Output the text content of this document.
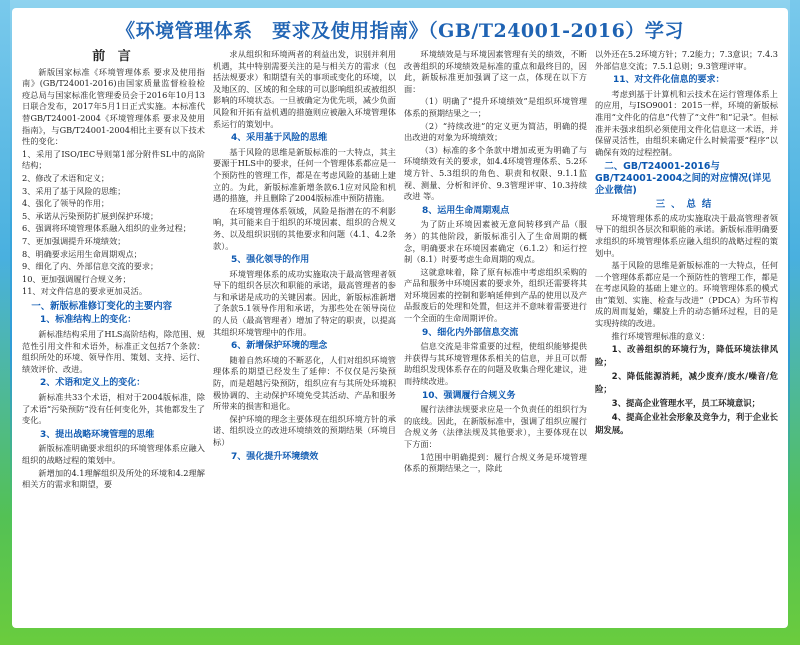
《环境管理体系　要求及使用指南》（GB/T24001-2016）学习
前 言

新版国家标准《环境管理体系 要求及使用指南》(GB/T24001-2016)由国家质量监督检验检疫总局与国家标准化管理委员会于2016年10月13日联合发布，2017年5月1日正式实施。本标准代替GB/T24001-2004《环境管理体系 要求及使用指南》，与GB/T24001-2004相比主要有以下技术性的变化：

1、采用了ISO/IEC导则第1部分附件SL中的高阶结构；

2、修改了术语和定义；

3、采用了基于风险的思维；

4、强化了领导的作用；

5、承诺从污染预防扩展到保护环境；

6、强调将环境管理体系融入组织的业务过程；

7、更加强调提升环境绩效；

8、明确要求运用生命周期观点；

9、细化了内、外部信息交流的要求；

10、更加强调履行合规义务；

11、对文件信息的要求更加灵活。

一、新版标准修订变化的主要内容
1、标准结构上的变化：

新标准结构采用了HLS高阶结构，除范围、规范性引用文件和术语外，标准正文包括7个条款：组织所处的环境、领导作用、策划、支持、运行、绩效评价、改进。

2、术语和定义上的变化：

新标准共33个术语，相对于2004版标准，除了术语“污染预防”没有任何变化外，其他都发生了变化。

3、提出战略环境管理的思维

新版标准明确要求组织的环境管理体系应融入组织的战略过程的策划中。

新增加的4.1理解组织及所处的环境和4.2理解相关方的需求和期望，要

求从组织和环境两者的利益出发，识别并利用机遇，其中特别需要关注的是与相关方的需求（包括法规要求）和期望有关的事项或变化的环境，以及地区的、区域的和全球的可以影响组织或被组织影响的环境状态。一旦被确定为优先项，减少负面风险和开拓有益机遇的措施则应被融入环境管理体系运行的策划中。

4、采用基于风险的思维

基于风险的思维是新版标准的一大特点，其主要源于HLS中的要求，任何一个管理体系都应是一个预防性的管理工作，都是在考虑风险的基础上建立的。为此，新版标准新增条款6.1应对风险和机遇的措施，并且删除了2004版标准中预防措施。

在环境管理体系领域，风险是指潜在的不利影响，其可能来自于组织的环境因素、组织的合规义务、以及组织识别的其他要求和问题（4.1、4.2条款）。

5、强化领导的作用

环境管理体系的成功实施取决于最高管理者领导下的组织各层次和职能的承诺，最高管理者的参与和承诺是成功的关键因素。因此，新版标准新增了条款5.1领导作用和承诺，为那些处在领导岗位的人员（最高管理者）增加了特定的职责，以提高其组织环境管理中的作用。

6、新增保护环境的理念

随着自然环境的不断恶化，人们对组织环境管理体系的期望已经发生了延伸：不仅仅是污染预防，而是超越污染预防，组织应有与其所处环境积极协调的、主动保护环境免受其活动、产品和服务所带来的损害和退化。

保护环境的理念主要体现在组织环境方针的承诺、组织设立的改进环境绩效的预期结果（环境目标）

7、强化提升环境绩效

环境绩效是与环境因素管理有关的绩效，不断改善组织的环境绩效是标准的重点和最终目的，因此，新版标准更加强调了这一点，体现在以下方面：

（1）明确了“提升环境绩效”是组织环境管理体系的预期结果之一；

（2）“持续改进”的定义更为简洁，明确的提出改进的对象为环境绩效；

（3）标准的多个条款中增加或更为明确了与环境绩效有关的要求，如4.4环境管理体系、5.2环境方针、5.3组织的角色、职责和权限、9.1.1监视、测量、分析和评价、9.3管理评审、10.3持续改进 等。

8、运用生命周期观点

为了防止环境因素被无意间转移到产品（服务）的其他阶段，新版标准引入了生命周期的概念，明确要求在环境因素确定（6.1.2）和运行控制（8.1）时要考虑生命周期的观点。

这就意味着，除了原有标准中考虑组织采购的产品和服务中环境因素的要求外，组织还需要将其对环境因素的控制和影响延伸到产品的使用以及产品报废后的处理和处置，但这并不意味着需要进行一个全面的生命周期评价。

9、细化内外部信息交流

信息交流是非常重要的过程，使组织能够提供并获得与其环境管理体系相关的信息，并且可以帮助组织发现体系存在的问题及收集合理化建议，进而持续改进。

10、强调履行合规义务

履行法律法规要求应是一个负责任的组织行为的底线。因此，在新版标准中，强调了组织应履行合规义务（法律法规及其他要求），主要体现在以下方面：

1范围中明确提到：履行合规义务是环境管理体系的预期结果之一，除此

以外还在5.2环境方针；7.2能力；7.3意识；7.4.3外部信息交流；7.5.1总则；9.3管理评审。

11、对文件化信息的要求：

考虑到基于计算机和云技术在运行管理体系上的应用，与ISO9001：2015一样，环境的新版标准用“文件化的信息”代替了“文件”和“记录”。但标准并未强求组织必须使用文件化信息这一术语，并保留灵活性，由组织来确定什么时候需要“程序”以确保有效的过程控制。

二、GB/T24001-2016与GB/T24001-2004之间的对应情况(详见企业微信)
三、总结

环境管理体系的成功实施取决于最高管理者领导下的组织各层次和职能的承诺。新版标准明确要求组织的环境管理体系应融入组织的战略过程的策划中。

基于风险的思维是新版标准的一大特点，任何一个管理体系都应是一个预防性的管理工作，都是在考虑风险的基础上建立的。环境管理体系的模式由“策划、实施、检查与改进”（PDCA）为环节构成的周而复始，螺旋上升的动态循环过程，目的是实现持续的改进。

推行环境管理标准的意义：

1、改善组织的环境行为，降低环境法律风险；

2、降低能源消耗，减少废弃/废水/噪音/危险；

3、提高企业管理水平，员工环境意识；

4、提高企业社会形象及竞争力，利于企业长期发展。
